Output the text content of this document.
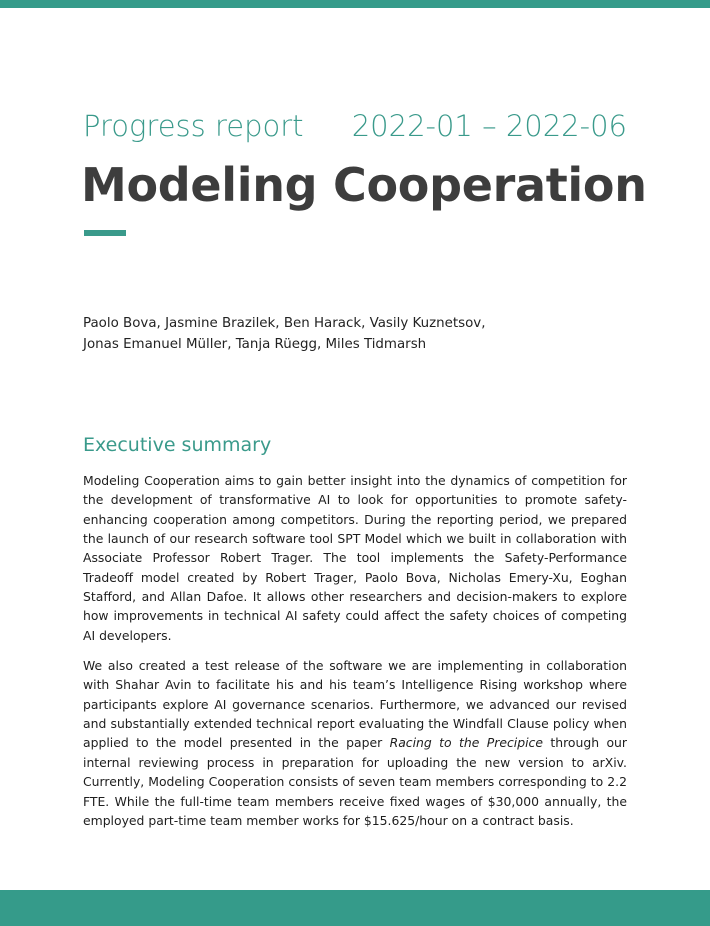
Progress report 2022-01 – 2022-06
Modeling Cooperation
Paolo Bova, Jasmine Brazilek, Ben Harack, Vasily Kuznetsov,
Jonas Emanuel Müller, Tanja Rüegg, Miles Tidmarsh
Executive summary

Modeling Cooperation aims to gain better insight into the dynamics of competition for the development of transformative AI to look for opportunities to promote safety-enhancing cooperation among competitors. During the reporting period, we prepared the launch of our research software tool SPT Model which we built in collaboration with Associate Professor Robert Trager. The tool implements the Safety-Performance Tradeoff model created by Robert Trager, Paolo Bova, Nicholas Emery-Xu, Eoghan Stafford, and Allan Dafoe. It allows other researchers and decision-makers to explore how improvements in technical AI safety could affect the safety choices of competing AI developers.

We also created a test release of the software we are implementing in collaboration with Shahar Avin to facilitate his and his team’s Intelligence Rising workshop where participants explore AI governance scenarios. Furthermore, we advanced our revised and substantially extended technical report evaluating the Windfall Clause policy when applied to the model presented in the paper Racing to the Precipice through our internal reviewing process in preparation for uploading the new version to arXiv. Currently, Modeling Cooperation consists of seven team members corresponding to 2.2 FTE. While the full-time team members receive fixed wages of $30,000 annually, the employed part-time team member works for $15.625/hour on a contract basis.
